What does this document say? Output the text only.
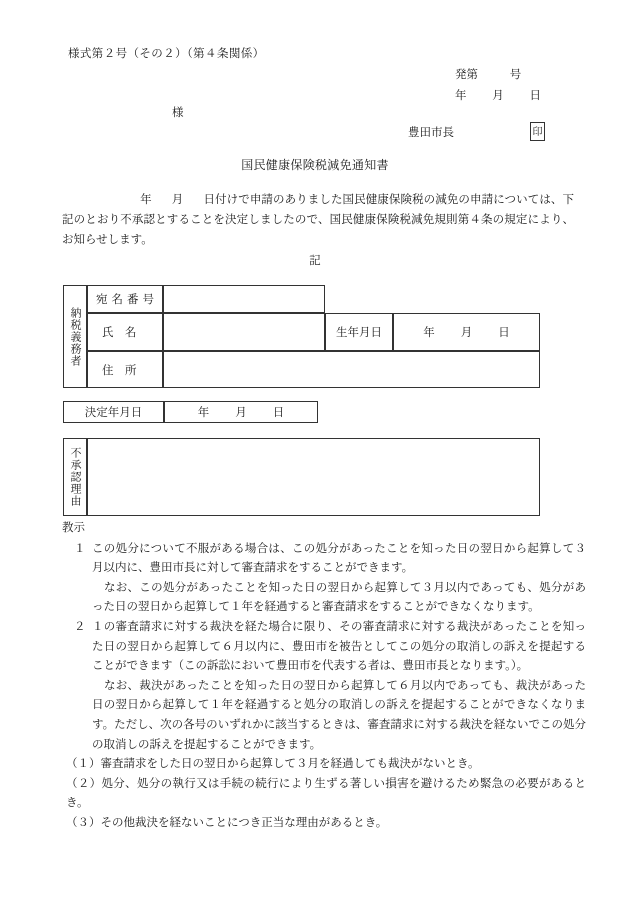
様式第２号（その２）（第４条関係）
発第	号
年 月 日
様
豊田市長	印
国民健康保険税減免通知書
年 月 日付けで申請のありました国民健康保険税の減免の申請については、下記のとおり不承認とすることを決定しましたので、国民健康保険税減免規則第４条の規定により、お知らせします。
記
納税義務者
宛名番号
氏　名	生年月日	年 月 日
住　所
決定年月日	年 月 日
不承認理由
教示
１ この処分について不服がある場合は、この処分があったことを知った日の翌日から起算して３月以内に、豊田市長に対して審査請求をすることができます。
なお、この処分があったことを知った日の翌日から起算して３月以内であっても、処分があった日の翌日から起算して１年を経過すると審査請求をすることができなくなります。
２ １の審査請求に対する裁決を経た場合に限り、その審査請求に対する裁決があったことを知った日の翌日から起算して６月以内に、豊田市を被告としてこの処分の取消しの訴えを提起することができます（この訴訟において豊田市を代表する者は、豊田市長となります。）。
なお、裁決があったことを知った日の翌日から起算して６月以内であっても、裁決があった日の翌日から起算して１年を経過すると処分の取消しの訴えを提起することができなくなります。ただし、次の各号のいずれかに該当するときは、審査請求に対する裁決を経ないでこの処分の取消しの訴えを提起することができます。
（１）審査請求をした日の翌日から起算して３月を経過しても裁決がないとき。
（２）処分、処分の執行又は手続の続行により生ずる著しい損害を避けるため緊急の必要があるとき。
（３）その他裁決を経ないことにつき正当な理由があるとき。
